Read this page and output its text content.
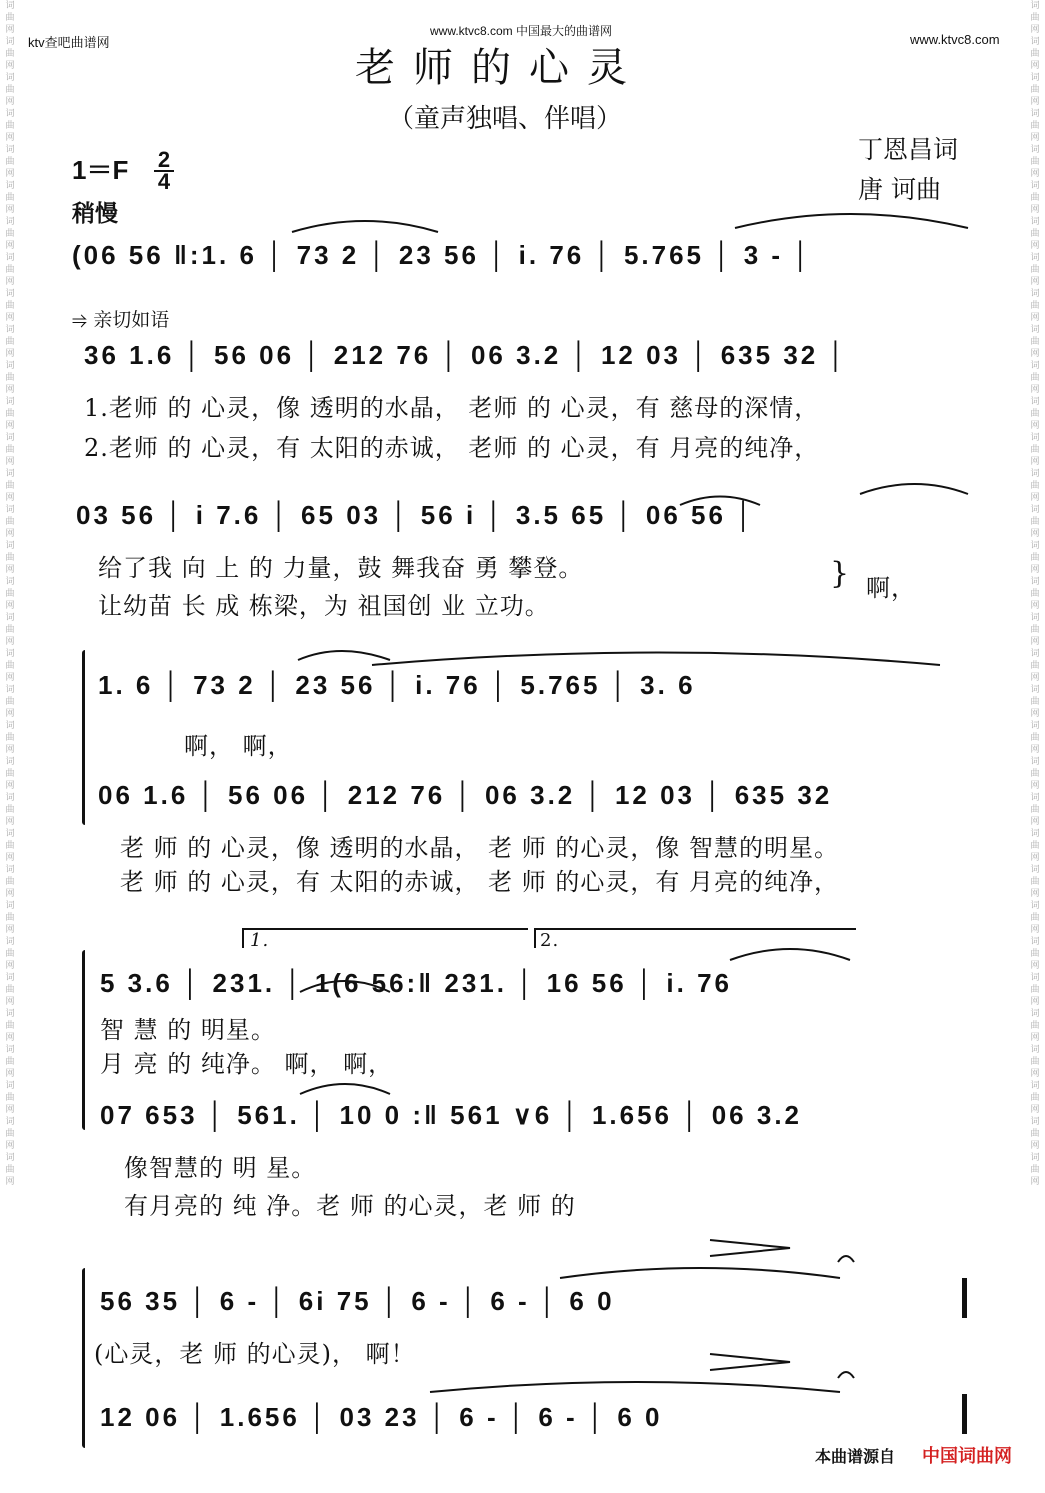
词曲网词曲网词曲网词曲网词曲网词曲网词曲网词曲网词曲网词曲网词曲网词曲网词曲网词曲网词曲网词曲网词曲网词曲网词曲网词曲网词曲网词曲网词曲网词曲网词曲网词曲网词曲网词曲网词曲网词曲网词曲网词曲网词曲网
词曲网词曲网词曲网词曲网词曲网词曲网词曲网词曲网词曲网词曲网词曲网词曲网词曲网词曲网词曲网词曲网词曲网词曲网词曲网词曲网词曲网词曲网词曲网词曲网词曲网词曲网词曲网词曲网词曲网词曲网词曲网词曲网词曲网
ktv查吧曲谱网
www.ktvc8.com 中国最大的曲谱网
www.ktvc8.com
老师的心灵
（童声独唱、伴唱）
丁恩昌词
唐 诃曲
1＝F 2
4
稍慢
(06 56 ‖:1. 6 │ 73 2 │ 23 56 │ i. 76 │ 5.765 │ 3 - │
⥤ 亲切如语
36 1.6 │ 56 06 │ 212 76 │ 06 3.2 │ 12 03 │ 635 32 │
1.老师 的 心灵，像 透明的水晶， 老师 的 心灵，有 慈母的深情，
2.老师 的 心灵，有 太阳的赤诚， 老师 的 心灵，有 月亮的纯净，
03 56 │ i 7.6 │ 65 03 │ 56 i │ 3.5 65 │ 06 56 │
给了我 向 上 的 力量，鼓 舞我奋 勇 攀登。
让幼苗 长 成 栋梁，为 祖国创 业 立功。
} 啊，
1. 6 │ 73 2 │ 23 56 │ i. 76 │ 5.765 │ 3. 6
啊， 啊，
06 1.6 │ 56 06 │ 212 76 │ 06 3.2 │ 12 03 │ 635 32
老 师 的 心灵，像 透明的水晶， 老 师 的心灵，像 智慧的明星。
老 师 的 心灵，有 太阳的赤诚， 老 师 的心灵，有 月亮的纯净，
1.	2.
5 3.6 │ 231. │ 1(6 56:‖ 231. │ 16 56 │ i. 76
智 慧 的 明星。
月 亮 的 纯净。 啊， 啊，
07 653 │ 561. │ 10 0 :‖ 561 ∨6 │ 1.656 │ 06 3.2
像智慧的 明 星。
有月亮的 纯 净。老 师 的心灵，老 师 的
56 35 │ 6 - │ 6i 75 │ 6 - │ 6 - │ 6 0
(心灵，老 师 的心灵)， 啊！
12 06 │ 1.656 │ 03 23 │ 6 - │ 6 - │ 6 0
本曲谱源自 中国词曲网
